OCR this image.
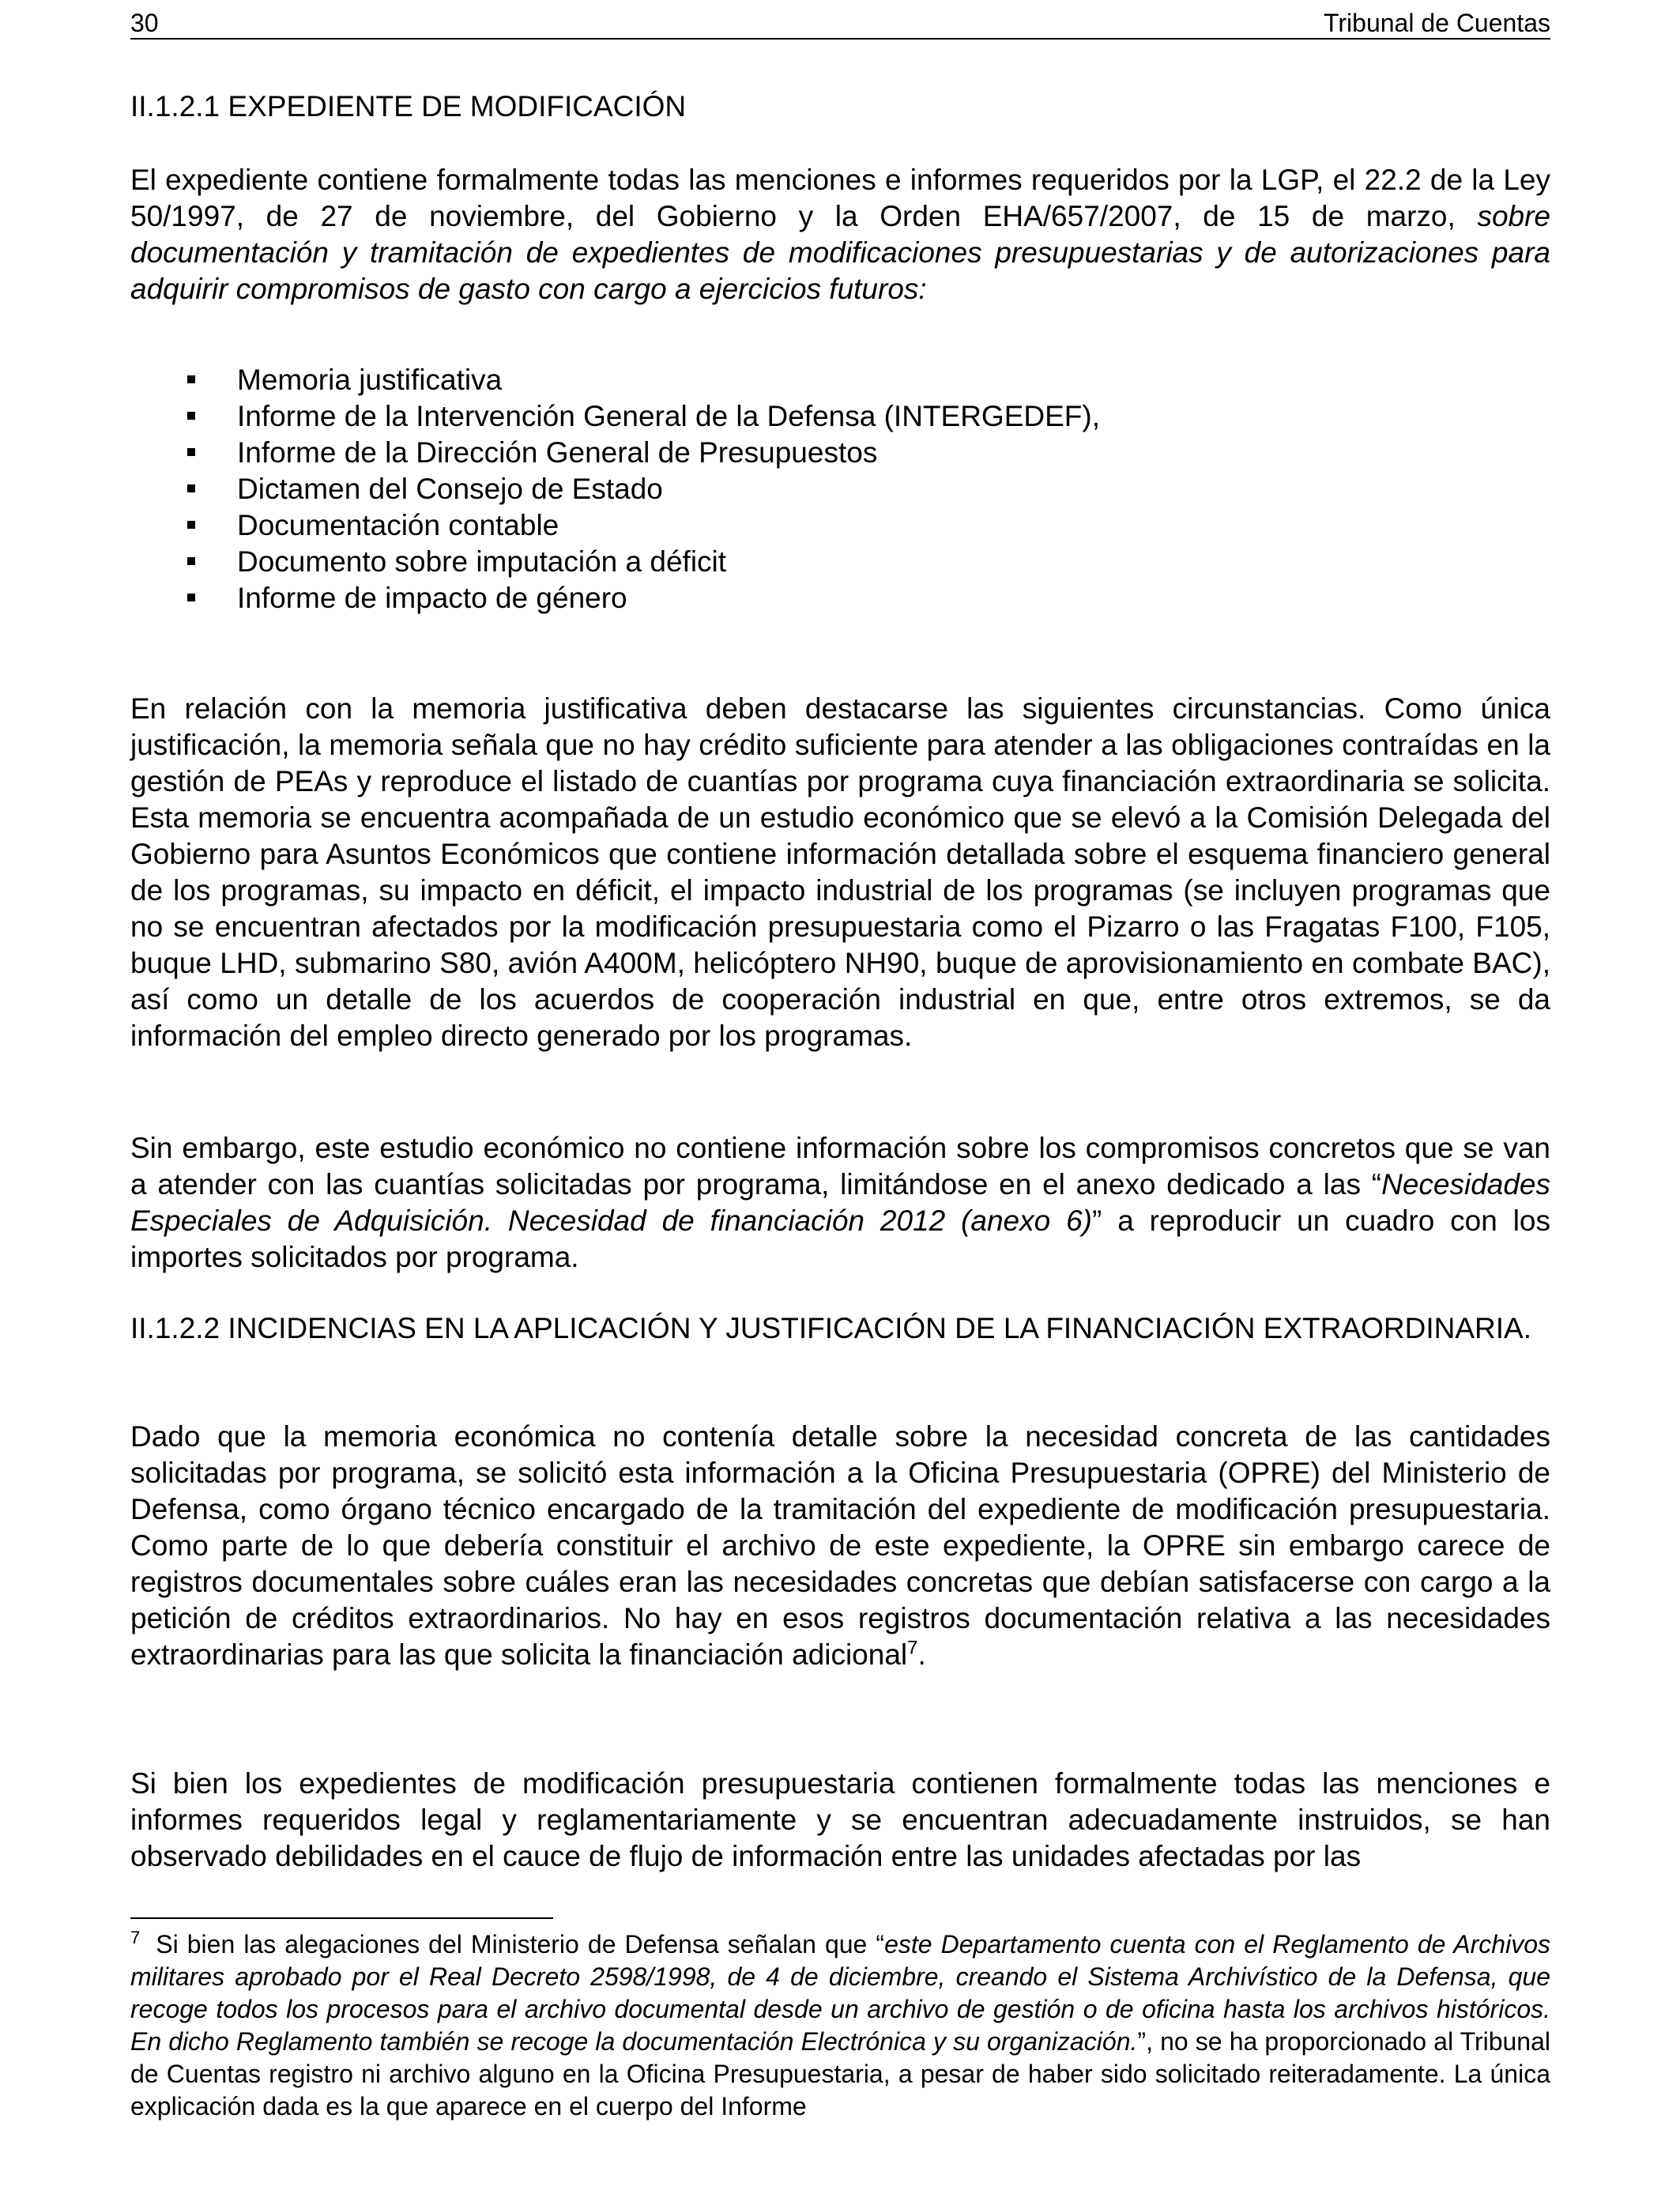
30	Tribunal de Cuentas
II.1.2.1 EXPEDIENTE DE MODIFICACIÓN
El expediente contiene formalmente todas las menciones e informes requeridos por la LGP, el 22.2 de la Ley 50/1997, de 27 de noviembre, del Gobierno y la Orden EHA/657/2007, de 15 de marzo, sobre documentación y tramitación de expedientes de modificaciones presupuestarias y de autorizaciones para adquirir compromisos de gasto con cargo a ejercicios futuros:
Memoria justificativa
Informe de la Intervención General de la Defensa (INTERGEDEF),
Informe de la Dirección General de Presupuestos
Dictamen del Consejo de Estado
Documentación contable
Documento sobre imputación a déficit
Informe de impacto de género
En relación con la memoria justificativa deben destacarse las siguientes circunstancias. Como única justificación, la memoria señala que no hay crédito suficiente para atender a las obligaciones contraídas en la gestión de PEAs y reproduce el listado de cuantías por programa cuya financiación extraordinaria se solicita. Esta memoria se encuentra acompañada de un estudio económico que se elevó a la Comisión Delegada del Gobierno para Asuntos Económicos que contiene información detallada sobre el esquema financiero general de los programas, su impacto en déficit, el impacto industrial de los programas (se incluyen programas que no se encuentran afectados por la modificación presupuestaria como el Pizarro o las Fragatas F100, F105, buque LHD, submarino S80, avión A400M, helicóptero NH90, buque de aprovisionamiento en combate BAC), así como un detalle de los acuerdos de cooperación industrial en que, entre otros extremos, se da información del empleo directo generado por los programas.
Sin embargo, este estudio económico no contiene información sobre los compromisos concretos que se van a atender con las cuantías solicitadas por programa, limitándose en el anexo dedicado a las “Necesidades Especiales de Adquisición. Necesidad de financiación 2012 (anexo 6)” a reproducir un cuadro con los importes solicitados por programa.
II.1.2.2 INCIDENCIAS EN LA APLICACIÓN Y JUSTIFICACIÓN DE LA FINANCIACIÓN EXTRAORDINARIA.
Dado que la memoria económica no contenía detalle sobre la necesidad concreta de las cantidades solicitadas por programa, se solicitó esta información a la Oficina Presupuestaria (OPRE) del Ministerio de Defensa, como órgano técnico encargado de la tramitación del expediente de modificación presupuestaria. Como parte de lo que debería constituir el archivo de este expediente, la OPRE sin embargo carece de registros documentales sobre cuáles eran las necesidades concretas que debían satisfacerse con cargo a la petición de créditos extraordinarios. No hay en esos registros documentación relativa a las necesidades extraordinarias para las que solicita la financiación adicional$^7$.
Si bien los expedientes de modificación presupuestaria contienen formalmente todas las menciones e informes requeridos legal y reglamentariamente y se encuentran adecuadamente instruidos, se han observado debilidades en el cauce de flujo de información entre las unidades afectadas por las
$^7$ Si bien las alegaciones del Ministerio de Defensa señalan que “este Departamento cuenta con el Reglamento de Archivos militares aprobado por el Real Decreto 2598/1998, de 4 de diciembre, creando el Sistema Archivístico de la Defensa, que recoge todos los procesos para el archivo documental desde un archivo de gestión o de oficina hasta los archivos históricos. En dicho Reglamento también se recoge la documentación Electrónica y su organización.”, no se ha proporcionado al Tribunal de Cuentas registro ni archivo alguno en la Oficina Presupuestaria, a pesar de haber sido solicitado reiteradamente. La única explicación dada es la que aparece en el cuerpo del Informe
